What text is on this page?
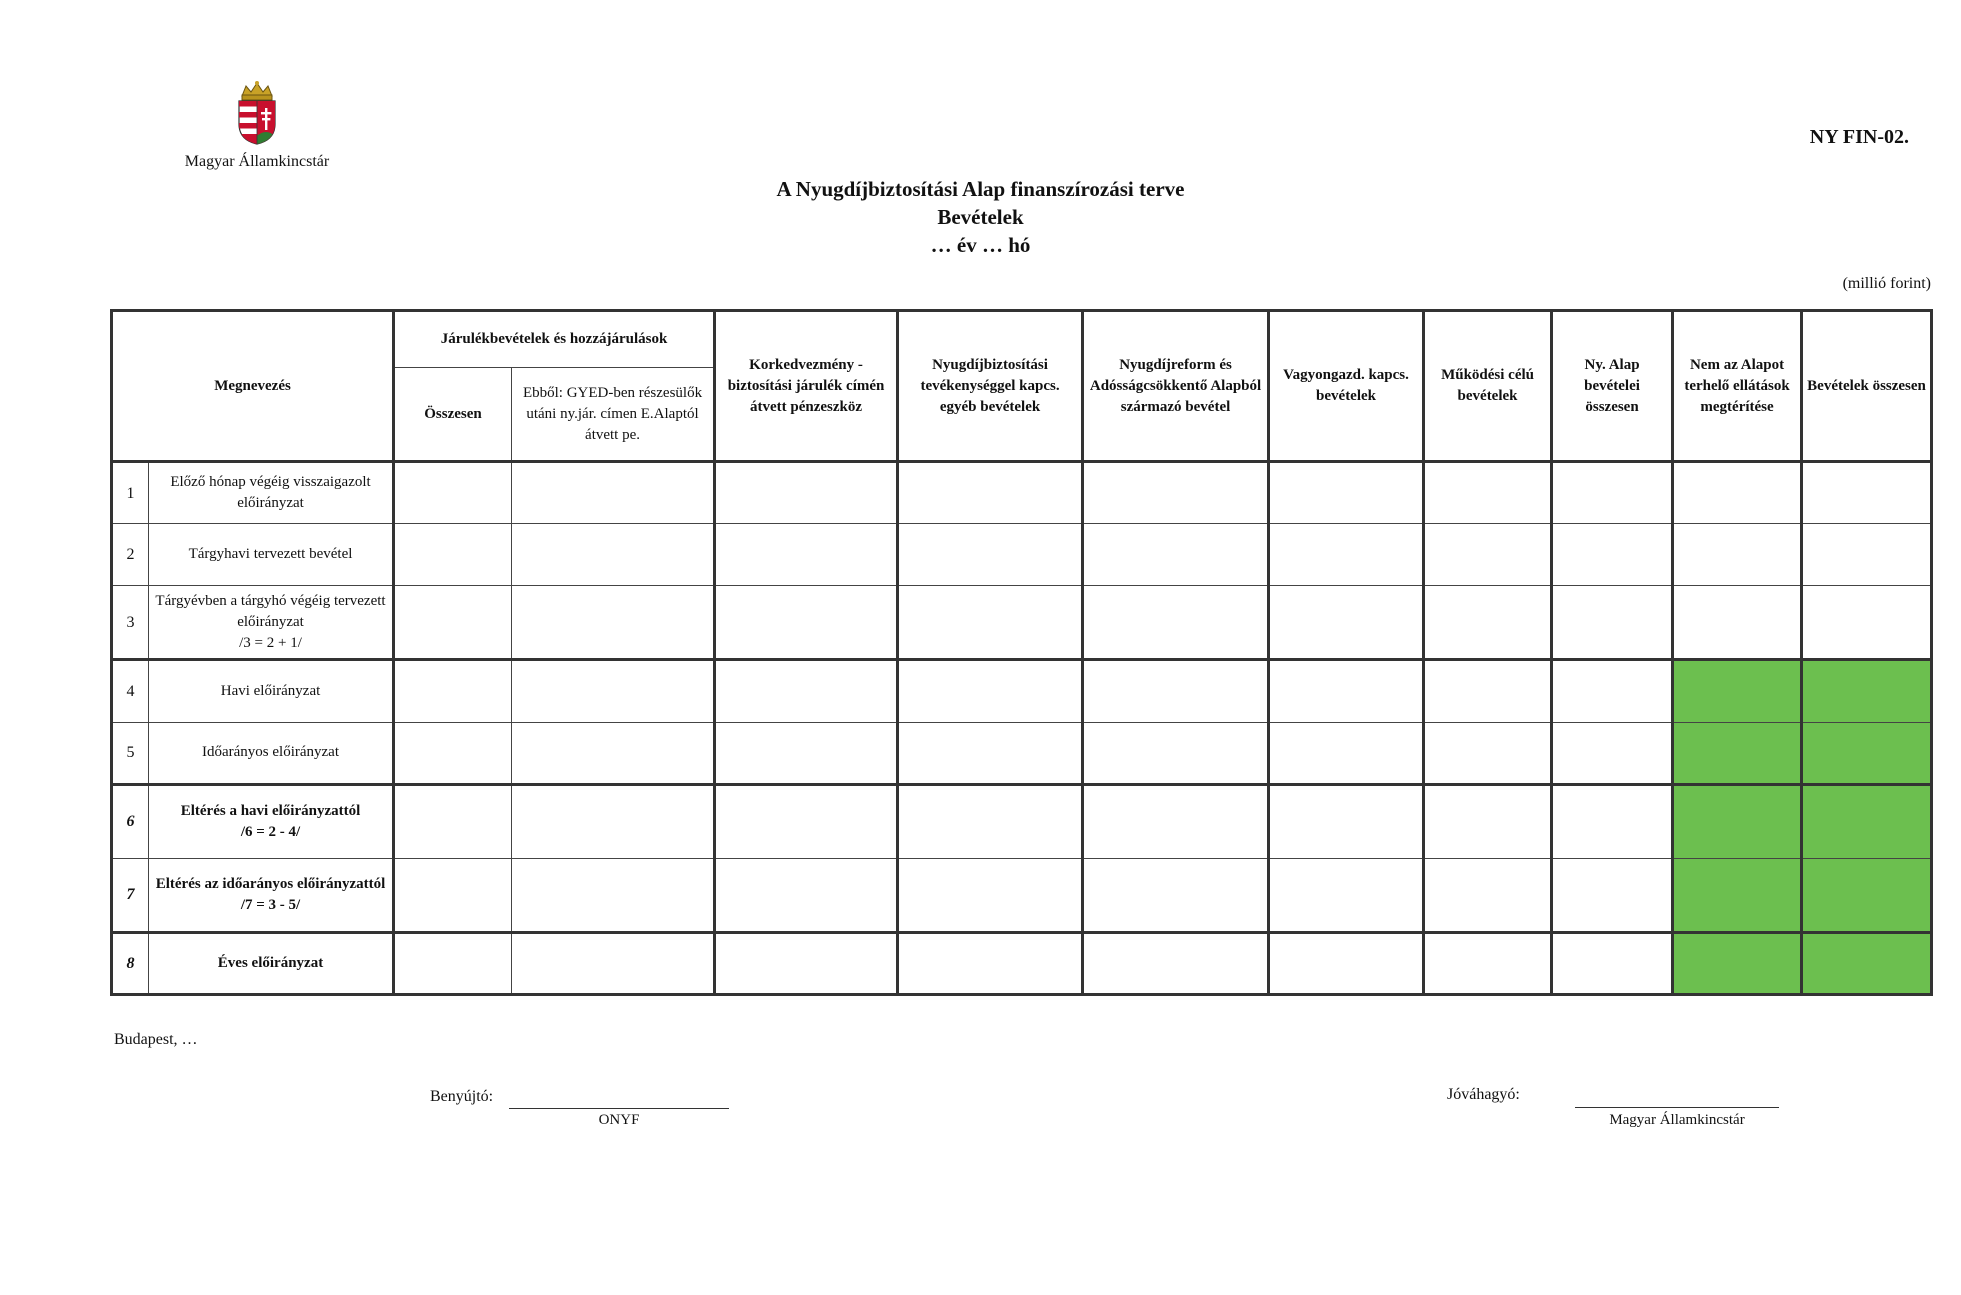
Magyar Államkincstár
NY FIN-02.
A Nyugdíjbiztosítási Alap finanszírozási terve
Bevételek
… év … hó
(millió forint)
Megnevezés		Járulékbevételek és hozzájárulások		Korkedvezmény - biztosítási járulék címén átvett pénzeszköz	Nyugdíjbiztosítási tevékenységgel kapcs. egyéb bevételek	Nyugdíjreform és Adósságcsökkentő Alapból származó bevétel	Vagyongazd. kapcs. bevételek	Működési célú bevételek	Ny. Alap bevételei összesen	Nem az Alapot terhelő ellátások megtérítése	Bevételek összesen
		Összesen	Ebből: GYED-ben részesülők utáni ny.jár. címen E.Alaptól átvett pe.								
1	Előző hónap végéig visszaigazolt előirányzat										
2	Tárgyhavi tervezett bevétel										
3	Tárgyévben a tárgyhó végéig tervezett előirányzat
/3 = 2 + 1/										

4	Havi előirányzat										
5	Időarányos előirányzat										
6	Eltérés a havi előirányzattól
/6 = 2 - 4/										

7	Eltérés az időarányos előirányzattól
/7 = 3 - 5/										

8	Éves előirányzat										
Budapest, …
Benyújtó:
ONYF
Jóváhagyó:
Magyar Államkincstár
